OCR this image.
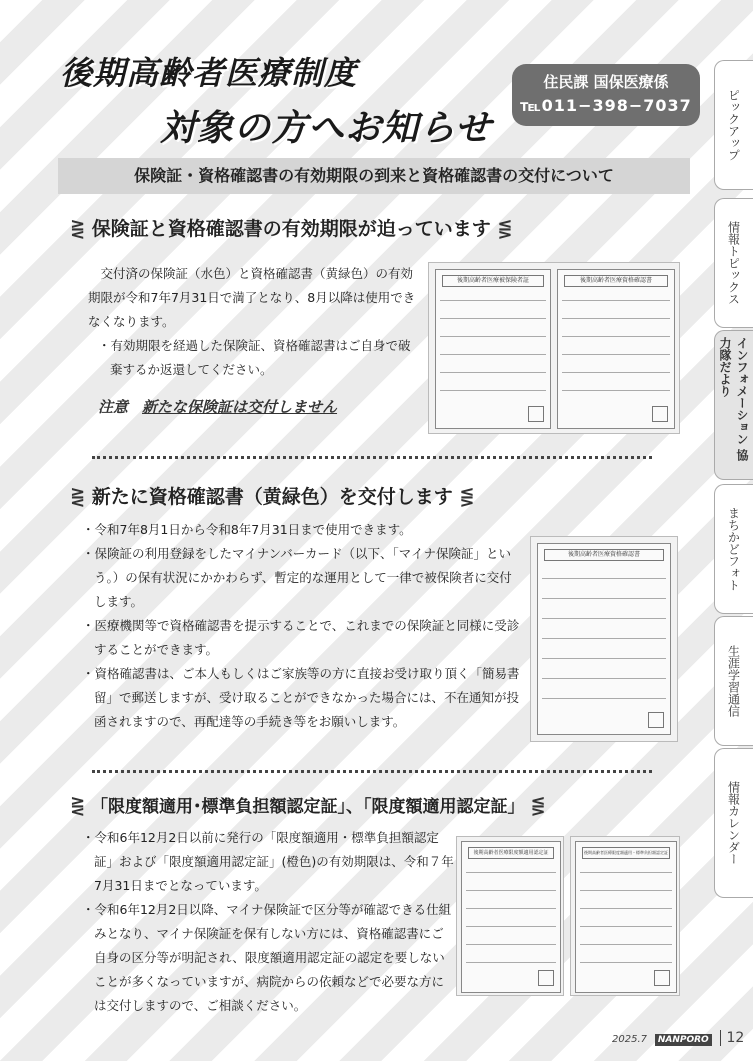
後期高齢者医療制度
対象の方へお知らせ
住民課 国保医療係
℡011−398−7037
保険証・資格確認書の有効期限の到来と資格確認書の交付について
⋛ 保険証と資格確認書の有効期限が迫っています ⋚

交付済の保険証（水色）と資格確認書（黄緑色）の有効期限が令和7年7月31日で満了となり、8月以降は使用できなくなります。

・有効期限を経過した保険証、資格確認書はご自身で破棄するか返還してください。

注意 新たな保険証は交付しません
後期高齢者医療被保険者証	後期高齢者医療資格確認書
⋛ 新たに資格確認書（黄緑色）を交付します ⋚

・令和7年8月1日から令和8年7月31日まで使用できます。

・保険証の利用登録をしたマイナンバーカード（以下、「マイナ保険証」という。）の保有状況にかかわらず、暫定的な運用として一律で被保険者に交付します。

・医療機関等で資格確認書を提示することで、これまでの保険証と同様に受診することができます。

・資格確認書は、ご本人もしくはご家族等の方に直接お受け取り頂く「簡易書留」で郵送しますが、受け取ることができなかった場合には、不在通知が投函されますので、再配達等の手続き等をお願いします。

後期高齢者医療資格確認書
⋛ 「限度額適用･標準負担額認定証」、「限度額適用認定証」 ⋚

・令和6年12月2日以前に発行の「限度額適用・標準負担額認定証」および「限度額適用認定証」(橙色)の有効期限は、令和７年7月31日までとなっています。

・令和6年12月2日以降、マイナ保険証で区分等が確認できる仕組みとなり、マイナ保険証を保有しない方には、資格確認書にご自身の区分等が明記され、限度額適用認定証の認定を要しないことが多くなっていますが、病院からの依頼などで必要な方には交付しますので、ご相談ください。

後期高齢者医療限度額適用認定証	後期高齢者医療限度額適用・標準負担額認定証
2025.7 NANPORO 12
ピックアップ
情報トピックス
インフォメーション 協力隊だより
まちかどフォト
生涯学習通信
情報カレンダー
